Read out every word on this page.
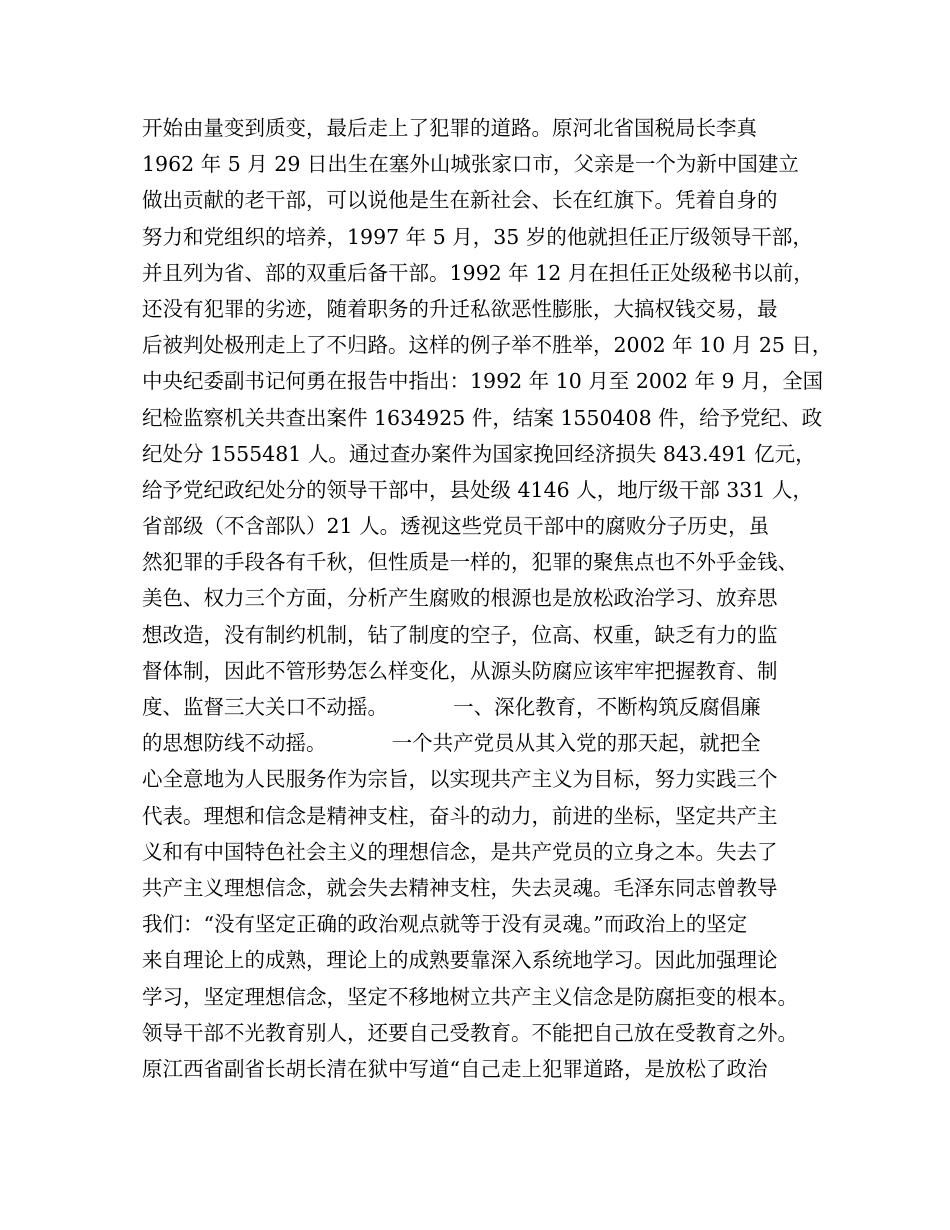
开始由量变到质变，最后走上了犯罪的道路。原河北省国税局长李真
1962 年 5 月 29 日出生在塞外山城张家口市，父亲是一个为新中国建立
做出贡献的老干部，可以说他是生在新社会、长在红旗下。凭着自身的
努力和党组织的培养，1997 年 5 月，35 岁的他就担任正厅级领导干部，
并且列为省、部的双重后备干部。1992 年 12 月在担任正处级秘书以前，
还没有犯罪的劣迹，随着职务的升迁私欲恶性膨胀，大搞权钱交易，最
后被判处极刑走上了不归路。这样的例子举不胜举，2002 年 10 月 25 日，
中央纪委副书记何勇在报告中指出：1992 年 10 月至 2002 年 9 月，全国
纪检监察机关共查出案件 1634925 件，结案 1550408 件，给予党纪、政
纪处分 1555481 人。通过查办案件为国家挽回经济损失 843.491 亿元，
给予党纪政纪处分的领导干部中，县处级 4146 人，地厅级干部 331 人，
省部级（不含部队）21 人。透视这些党员干部中的腐败分子历史，虽
然犯罪的手段各有千秋，但性质是一样的，犯罪的聚焦点也不外乎金钱、
美色、权力三个方面，分析产生腐败的根源也是放松政治学习、放弃思
想改造，没有制约机制，钻了制度的空子，位高、权重，缺乏有力的监
督体制，因此不管形势怎么样变化，从源头防腐应该牢牢把握教育、制
度、监督三大关口不动摇。          一、深化教育，不断构筑反腐倡廉
的思想防线不动摇。          一个共产党员从其入党的那天起，就把全
心全意地为人民服务作为宗旨，以实现共产主义为目标，努力实践三个
代表。理想和信念是精神支柱，奋斗的动力，前进的坐标，坚定共产主
义和有中国特色社会主义的理想信念，是共产党员的立身之本。失去了
共产主义理想信念，就会失去精神支柱，失去灵魂。毛泽东同志曾教导
我们：“没有坚定正确的政治观点就等于没有灵魂。”而政治上的坚定
来自理论上的成熟，理论上的成熟要靠深入系统地学习。因此加强理论
学习，坚定理想信念，坚定不移地树立共产主义信念是防腐拒变的根本。
领导干部不光教育别人，还要自己受教育。不能把自己放在受教育之外。
原江西省副省长胡长清在狱中写道“自己走上犯罪道路，是放松了政治
